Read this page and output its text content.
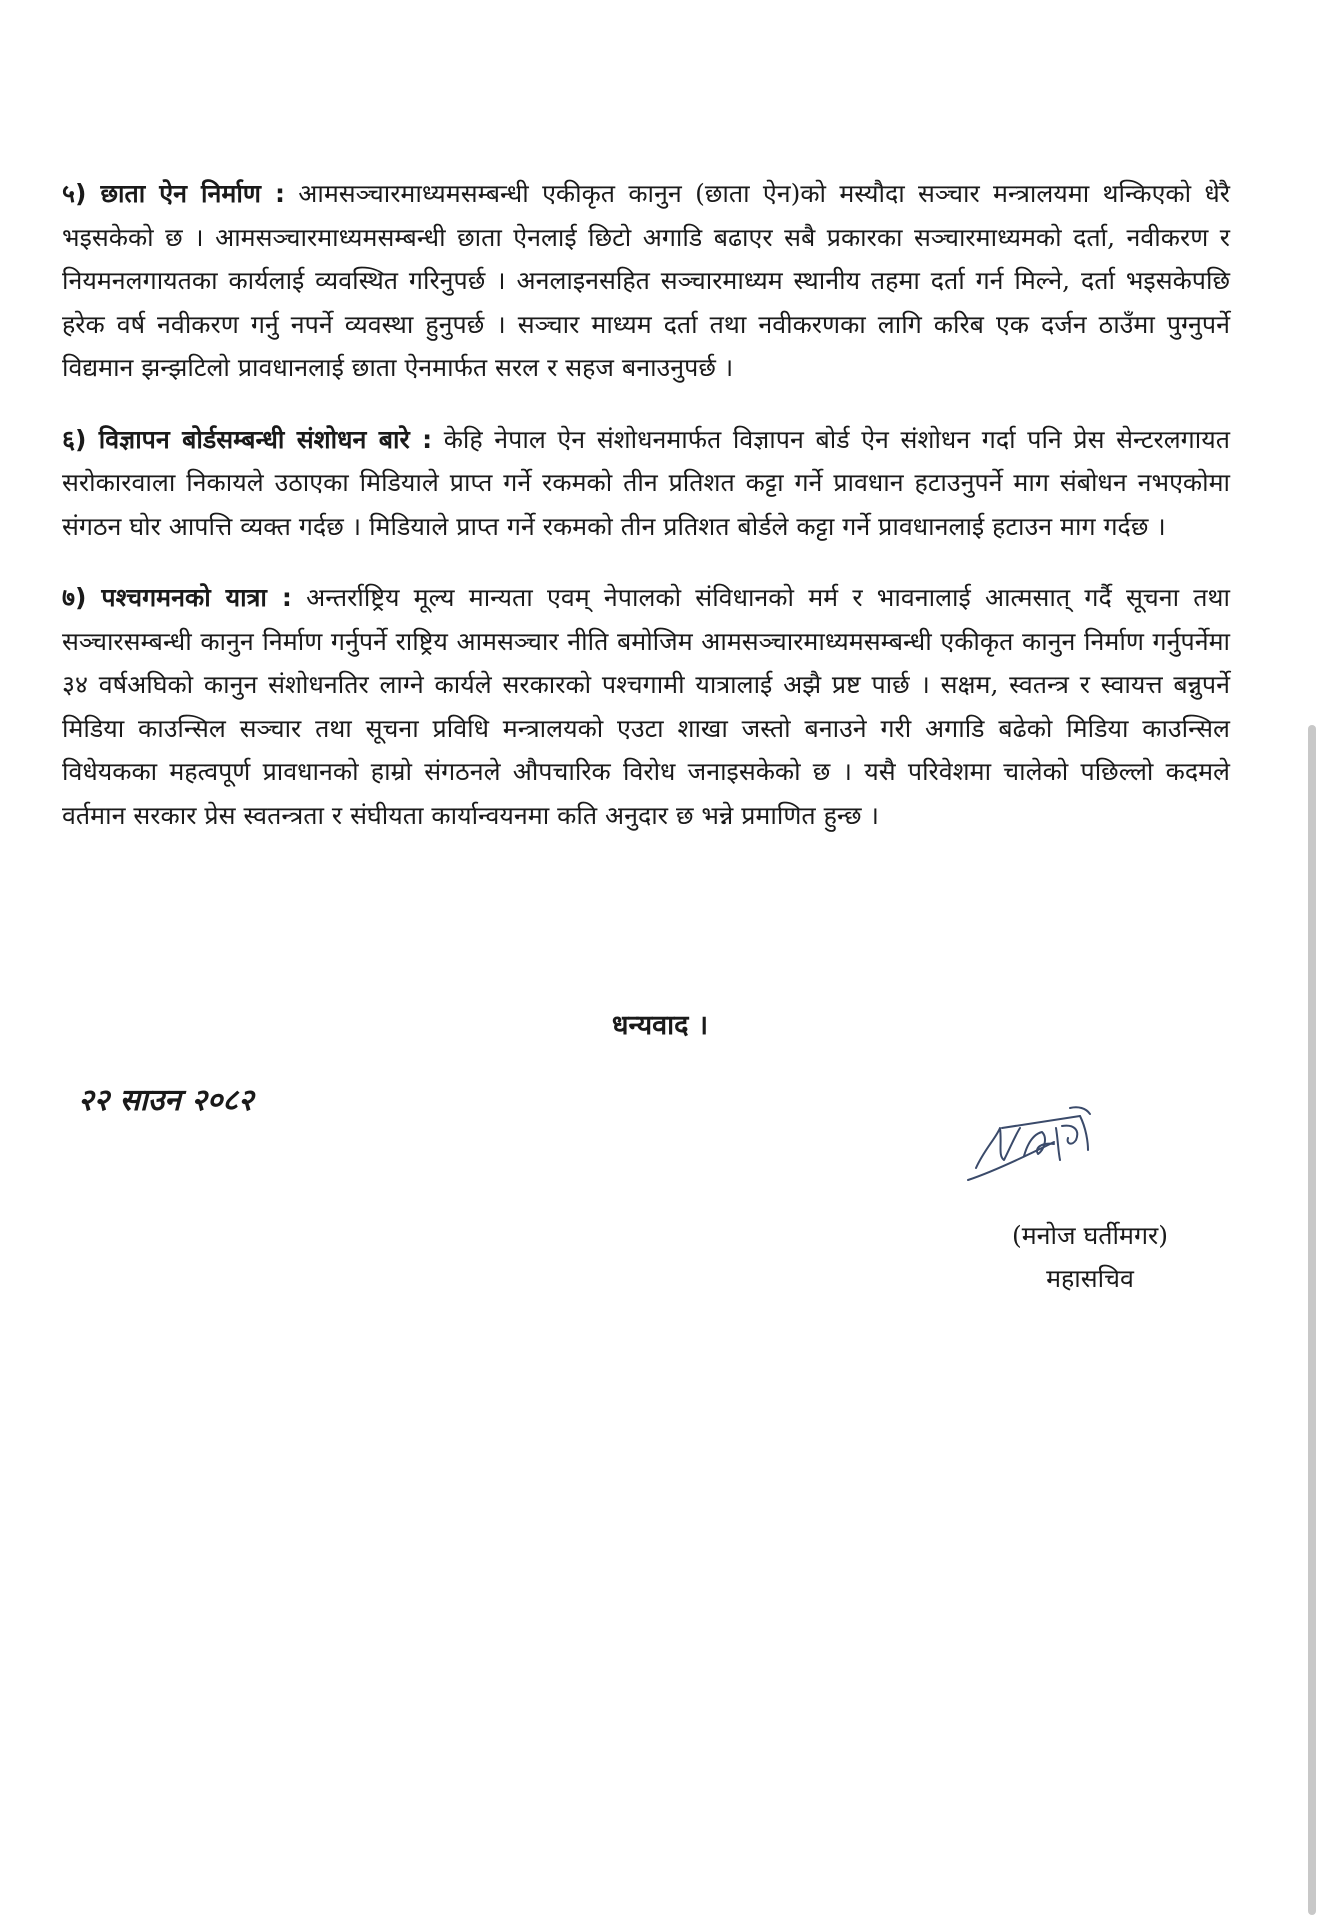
५) छाता ऐन निर्माण : आमसञ्चारमाध्यमसम्बन्धी एकीकृत कानुन (छाता ऐन)को मस्यौदा सञ्चार मन्त्रालयमा थन्किएको धेरै भइसकेको छ । आमसञ्चारमाध्यमसम्बन्धी छाता ऐनलाई छिटो अगाडि बढाएर सबै प्रकारका सञ्चारमाध्यमको दर्ता, नवीकरण र नियमनलगायतका कार्यलाई व्यवस्थित गरिनुपर्छ । अनलाइनसहित सञ्चारमाध्यम स्थानीय तहमा दर्ता गर्न मिल्ने, दर्ता भइसकेपछि हरेक वर्ष नवीकरण गर्नु नपर्ने व्यवस्था हुनुपर्छ । सञ्चार माध्यम दर्ता तथा नवीकरणका लागि करिब एक दर्जन ठाउँमा पुग्नुपर्ने विद्यमान झन्झटिलो प्रावधानलाई छाता ऐनमार्फत सरल र सहज बनाउनुपर्छ ।

६) विज्ञापन बोर्डसम्बन्धी संशोधन बारे : केहि नेपाल ऐन संशोधनमार्फत विज्ञापन बोर्ड ऐन संशोधन गर्दा पनि प्रेस सेन्टरलगायत सरोकारवाला निकायले उठाएका मिडियाले प्राप्त गर्ने रकमको तीन प्रतिशत कट्टा गर्ने प्रावधान हटाउनुपर्ने माग संबोधन नभएकोमा संगठन घोर आपत्ति व्यक्त गर्दछ । मिडियाले प्राप्त गर्ने रकमको तीन प्रतिशत बोर्डले कट्टा गर्ने प्रावधानलाई हटाउन माग गर्दछ ।

७) पश्चगमनको यात्रा : अन्तर्राष्ट्रिय मूल्य मान्यता एवम् नेपालको संविधानको मर्म र भावनालाई आत्मसात् गर्दै सूचना तथा सञ्चारसम्बन्धी कानुन निर्माण गर्नुपर्ने राष्ट्रिय आमसञ्चार नीति बमोजिम आमसञ्चारमाध्यमसम्बन्धी एकीकृत कानुन निर्माण गर्नुपर्नेमा ३४ वर्षअघिको कानुन संशोधनतिर लाग्ने कार्यले सरकारको पश्चगामी यात्रालाई अझै प्रष्ट पार्छ । सक्षम, स्वतन्त्र र स्वायत्त बन्नुपर्ने मिडिया काउन्सिल सञ्चार तथा सूचना प्रविधि मन्त्रालयको एउटा शाखा जस्तो बनाउने गरी अगाडि बढेको मिडिया काउन्सिल विधेयकका महत्वपूर्ण प्रावधानको हाम्रो संगठनले औपचारिक विरोध जनाइसकेको छ । यसै परिवेशमा चालेको पछिल्लो कदमले वर्तमान सरकार प्रेस स्वतन्त्रता र संघीयता कार्यान्वयनमा कति अनुदार छ भन्ने प्रमाणित हुन्छ ।

धन्यवाद ।
२२ साउन २०८२
(मनोज घर्तीमगर)
महासचिव
